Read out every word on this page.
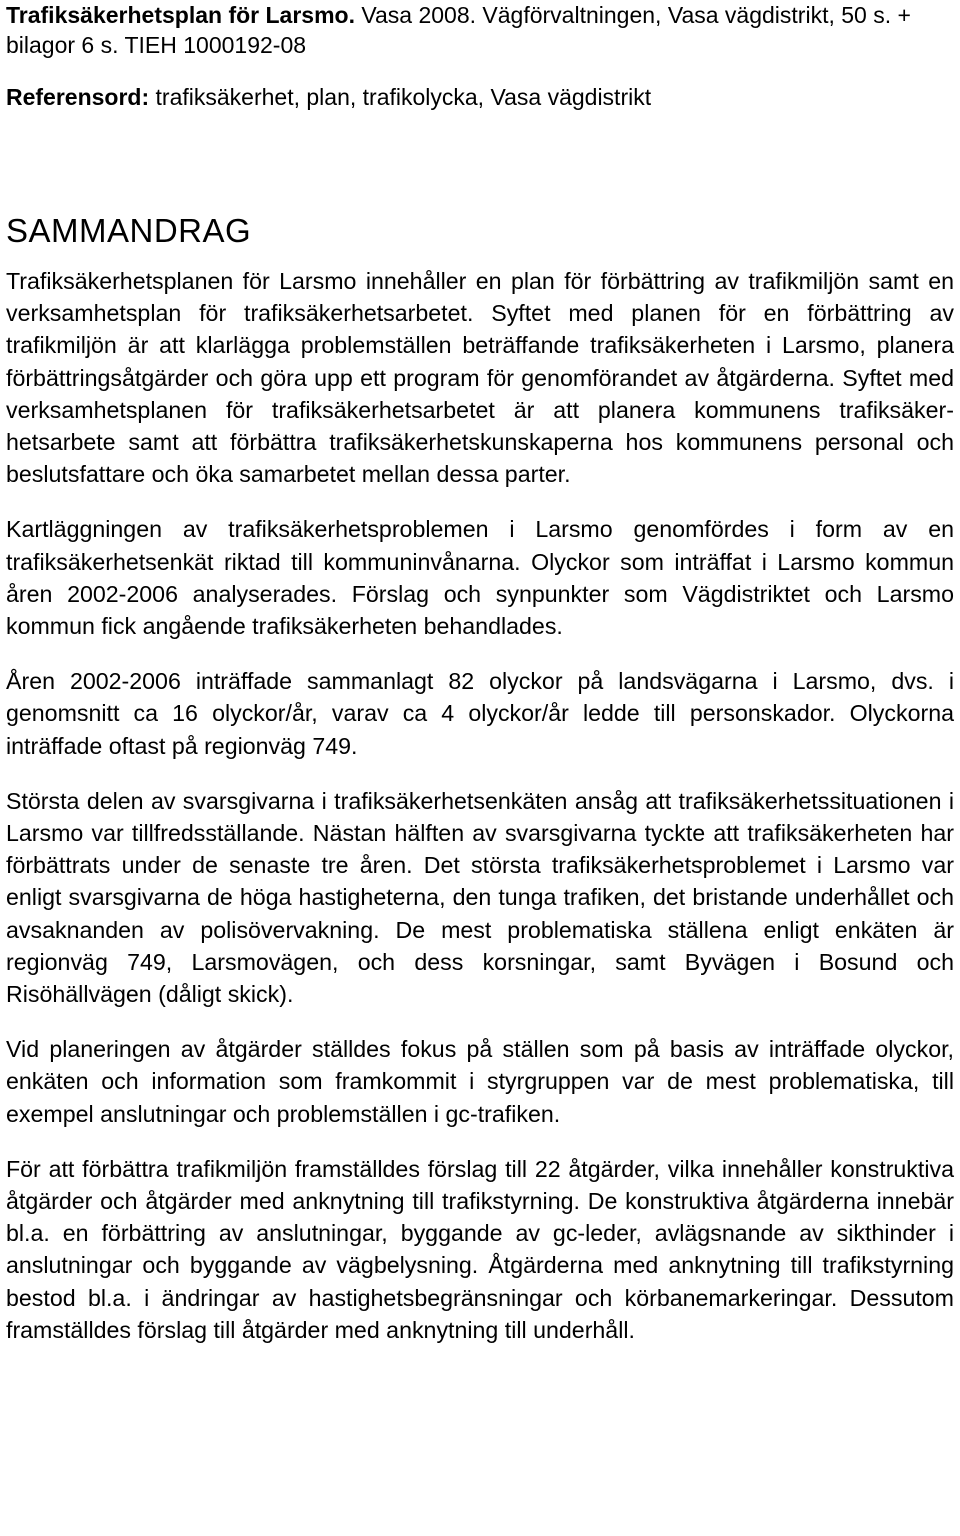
Trafiksäkerhetsplan för Larsmo. Vasa 2008. Vägförvaltningen, Vasa vägdistrikt, 50 s. + bilagor 6 s. TIEH 1000192-08

Referensord: trafiksäkerhet, plan, trafikolycka, Vasa vägdistrikt

SAMMANDRAG

Trafiksäkerhetsplanen för Larsmo innehåller en plan för förbättring av trafikmiljön samt en verksamhetsplan för trafiksäkerhetsarbetet. Syftet med planen för en förbättring av trafikmiljön är att klarlägga problemställen beträffande trafiksäkerheten i Larsmo, planera förbättringsåtgärder och göra upp ett program för genomförandet av åtgärderna. Syftet med verksamhetsplanen för trafiksäkerhetsarbetet är att planera kommunens trafiksäkerhetsarbete samt att förbättra trafiksäkerhetskunskaperna hos kommunens personal och beslutsfattare och öka samarbetet mellan dessa parter.

Kartläggningen av trafiksäkerhetsproblemen i Larsmo genomfördes i form av en trafiksäkerhetsenkät riktad till kommuninvånarna. Olyckor som inträffat i Larsmo kommun åren 2002-2006 analyserades. Förslag och synpunkter som Vägdistriktet och Larsmo kommun fick angående trafiksäkerheten behandlades.

Åren 2002-2006 inträffade sammanlagt 82 olyckor på landsvägarna i Larsmo, dvs. i genomsnitt ca 16 olyckor/år, varav ca 4 olyckor/år ledde till personskador. Olyckorna inträffade oftast på regionväg 749.

Största delen av svarsgivarna i trafiksäkerhetsenkäten ansåg att trafiksäkerhetssituationen i Larsmo var tillfredsställande. Nästan hälften av svarsgivarna tyckte att trafiksäkerheten har förbättrats under de senaste tre åren. Det största trafiksäkerhetsproblemet i Larsmo var enligt svarsgivarna de höga hastigheterna, den tunga trafiken, det bristande underhållet och avsaknanden av polisövervakning. De mest problematiska ställena enligt enkäten är regionväg 749, Larsmovägen, och dess korsningar, samt Byvägen i Bosund och Risöhällvägen (dåligt skick).

Vid planeringen av åtgärder ställdes fokus på ställen som på basis av inträffade olyckor, enkäten och information som framkommit i styrgruppen var de mest problematiska, till exempel anslutningar och problemställen i gc-trafiken.

För att förbättra trafikmiljön framställdes förslag till 22 åtgärder, vilka innehåller konstruktiva åtgärder och åtgärder med anknytning till trafikstyrning. De konstruktiva åtgärderna innebär bl.a. en förbättring av anslutningar, byggande av gc-leder, avlägsnande av sikthinder i anslutningar och byggande av vägbelysning. Åtgärderna med anknytning till trafikstyrning bestod bl.a. i ändringar av hastighetsbegränsningar och körbanemarkeringar. Dessutom framställdes förslag till åtgärder med anknytning till underhåll.
